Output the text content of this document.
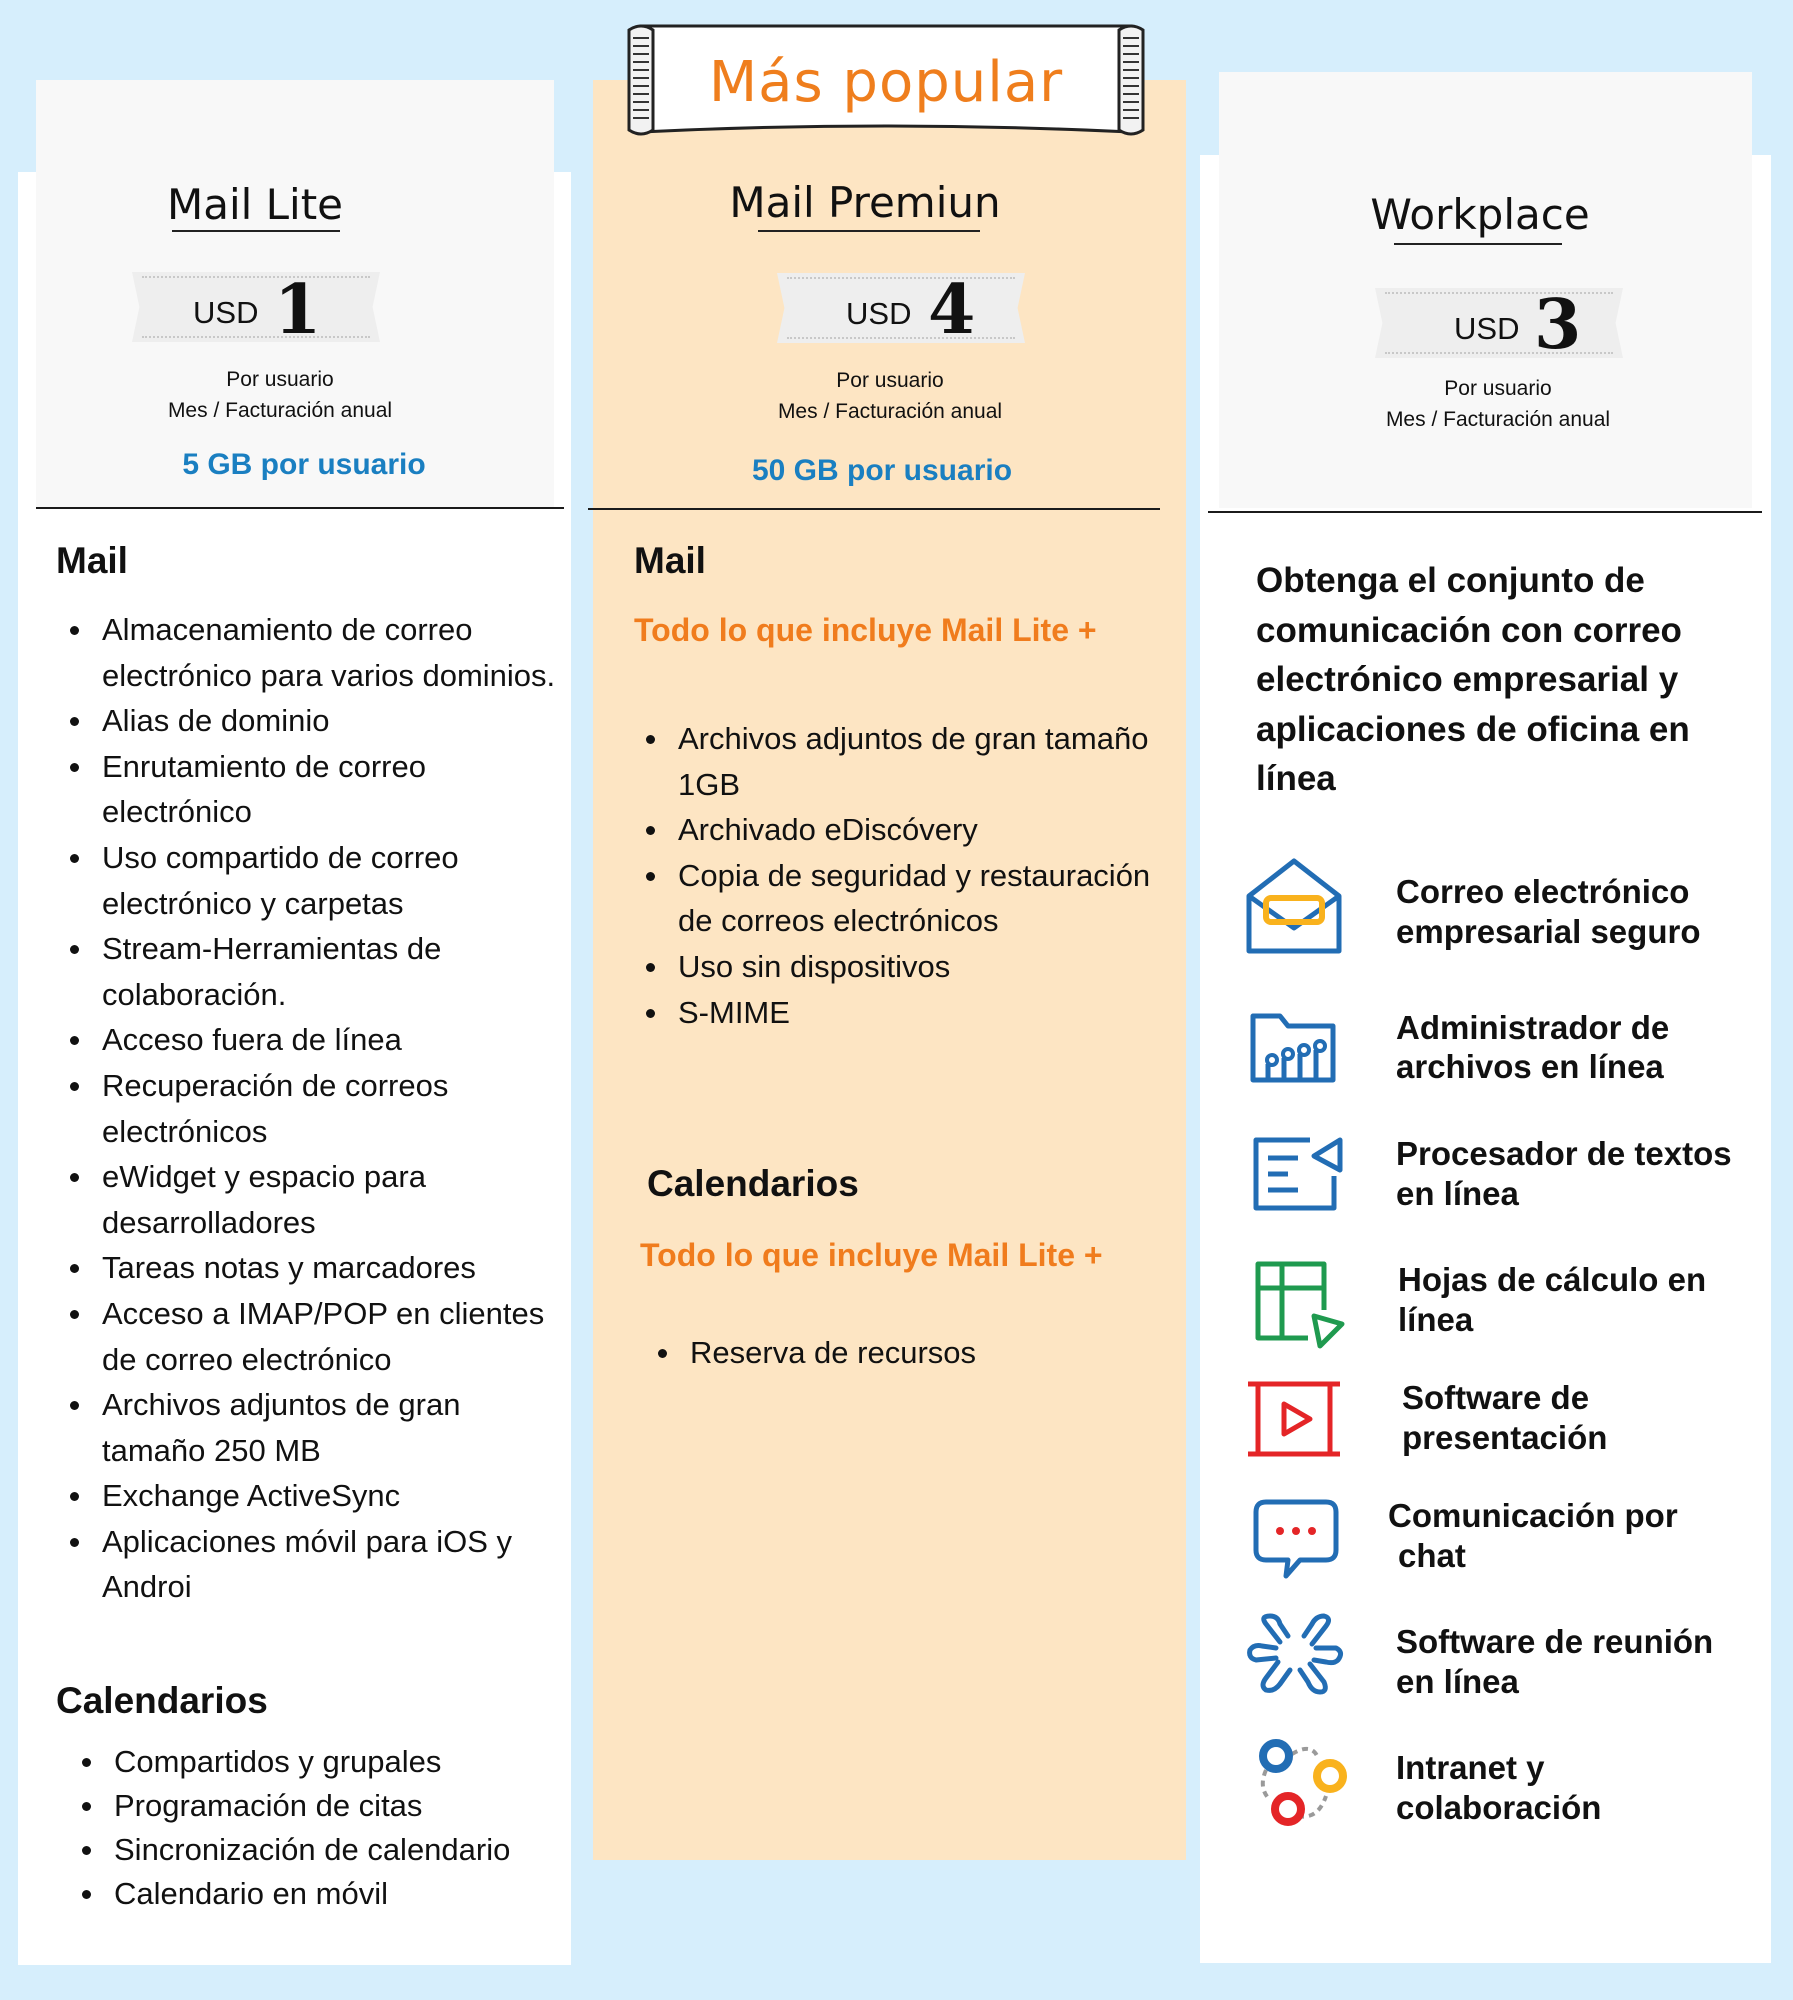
Más popular
Mail Lite
USD 1
Por usuario
Mes / Facturación anual
5 GB por usuario
Mail
Almacenamiento de correo electrónico para varios dominios.
Alias de dominio
Enrutamiento de correo electrónico
Uso compartido de correo electrónico y carpetas
Stream-Herramientas de colaboración.
Acceso fuera de línea
Recuperación de correos electrónicos
eWidget y espacio para desarrolladores
Tareas notas y marcadores
Acceso a IMAP/POP en clientes de correo electrónico
Archivos adjuntos de gran tamaño 250 MB
Exchange ActiveSync
Aplicaciones móvil para iOS y Androi
Calendarios
Compartidos y grupales
Programación de citas
Sincronización de calendario
Calendario en móvil
Mail Premiun
USD 4
Por usuario
Mes / Facturación anual
50 GB por usuario
Mail
Todo lo que incluye Mail Lite +
Archivos adjuntos de gran tamaño 1GB
Archivado eDiscóvery
Copia de seguridad y restauración de correos electrónicos
Uso sin dispositivos
S-MIME
Calendarios
Todo lo que incluye Mail Lite +
Reserva de recursos
Workplace
USD 3
Por usuario
Mes / Facturación anual
Obtenga el conjunto de comunicación con correo electrónico empresarial y aplicaciones de oficina en línea
Correo electrónico
empresarial seguro
Administrador de
archivos en línea
Procesador de textos
en línea
Hojas de cálculo en
línea
Software de
presentación
Comunicación por
chat
Software de reunión
en línea
Intranet y
colaboración
